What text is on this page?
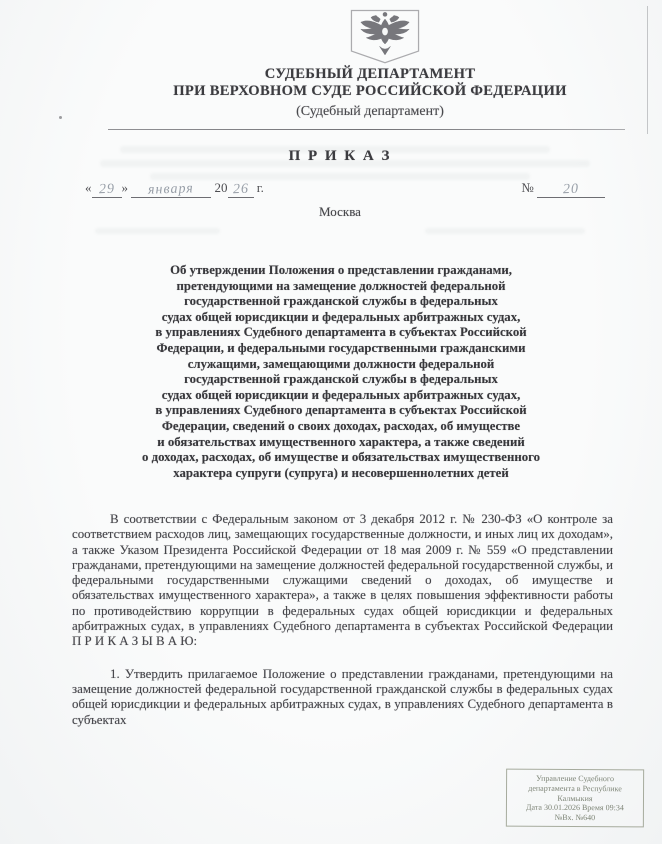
СУДЕБНЫЙ ДЕПАРТАМЕНТ
ПРИ ВЕРХОВНОМ СУДЕ РОССИЙСКОЙ ФЕДЕРАЦИИ
(Судебный департамент)
П Р И К А З
« 29 » января 20 26 г.	№ 20
Москва
Об утверждении Положения о представлении гражданами,
претендующими на замещение должностей федеральной
государственной гражданской службы в федеральных
судах общей юрисдикции и федеральных арбитражных судах,
в управлениях Судебного департамента в субъектах Российской
Федерации, и федеральными государственными гражданскими
служащими, замещающими должности федеральной
государственной гражданской службы в федеральных
судах общей юрисдикции и федеральных арбитражных судах,
в управлениях Судебного департамента в субъектах Российской
Федерации, сведений о своих доходах, расходах, об имуществе
и обязательствах имущественного характера, а также сведений
о доходах, расходах, об имуществе и обязательствах имущественного
характера супруги (супруга) и несовершеннолетних детей

В соответствии с Федеральным законом от 3 декабря 2012 г. № 230-ФЗ «О контроле за соответствием расходов лиц, замещающих государственные должности, и иных лиц их доходам», а также Указом Президента Российской Федерации от 18 мая 2009 г. № 559 «О представлении гражданами, претендующими на замещение должностей федеральной государственной службы, и федеральными государственными служащими сведений о доходах, об имуществе и обязательствах имущественного характера», а также в целях повышения эффективности работы по противодействию коррупции в федеральных судах общей юрисдикции и федеральных арбитражных судах, в управлениях Судебного департамента в субъектах Российской Федерации П Р И К А З Ы В А Ю:

1. Утвердить прилагаемое Положение о представлении гражданами, претендующими на замещение должностей федеральной государственной гражданской службы в федеральных судах общей юрисдикции и федеральных арбитражных судах, в управлениях Судебного департамента в субъектах

Управление Судебного
департамента в Республике
Калмыкия
Дата 30.01.2026 Время 09:34
№Вх. №640
